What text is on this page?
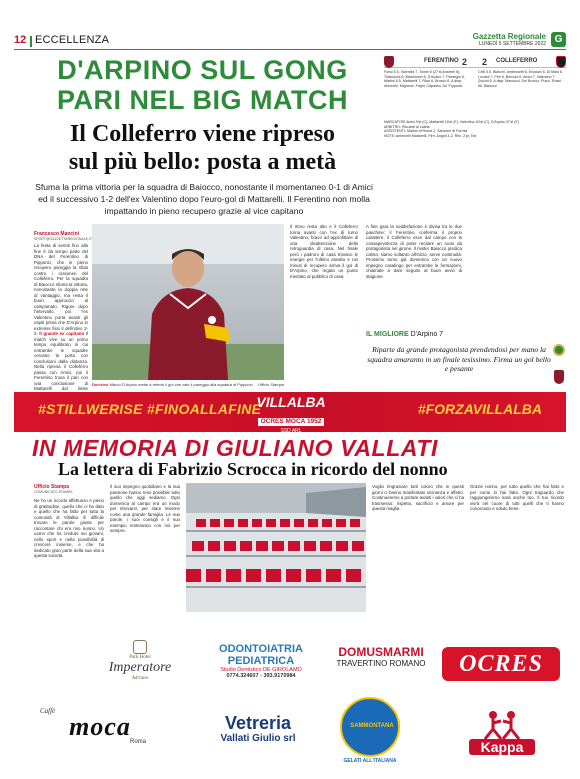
12 ECCELLENZA	Gazzetta Regionale
LUNEDÌ 5 SETTEMBRE 2022 G
D'ARPINO SUL GONG
PARI NEL BIG MATCH
Il Colleferro viene ripreso
sul più bello: posta a metà
Sfuma la prima vittoria per la squadra di Baiocco, nonostante il momentaneo 0-1 di Amici ed il successivo 1-2 dell'ex Valentino dopo l'euro-gol di Mattarelli. Il Ferentino non molla impattando in pieno recupero grazie al vice capitano
FERENTINO 2 2 COLLEFERRO
Fonsi 5.5, Valentini 7, Tomei 6 (27'st Anselmi 6), Tiraboschi 6, Bartolomei 6, D'Arpino 7, Pessegni 6, Martini 6.5, Mattarelli 7, Ricci 6, Brusco 6. A disp: Antonelli, Mignone, Frighi, Capasso. All. Pipponzi
Celli 5.5, Bianchi, Ambrosetti 6, Ercolani 6, Di Maio 6, Luciani 7, Pirri 6, Bernoni 6, Amici 7, Valentino 7, Zocchi 6. A disp: Marcucci, Del Brocco, Pucci, Rossi. All. Baiocco
MARCATORI Amici 9'st (C), Mattarelli 15'st (F), Valentino 40'st (C), D'Arpino 47'st (F)
ARBITRO: Riccardi di Latina
ASSISTENTI: Martini di Roma 2, Sanzone di Formia
NOTE: Ammoniti Mattarelli, Pirri. Angoli 4-2. Rec. 2'pt, 5'st
Francesco Mancini
SPORT@GAZZETTAREGIONALE.IT
La festa di sentiti fino alla fine è da tempo parte del DNA del Ferentino di Pipponzi, che in pieno recupero pareggia la sfida contro i rossoneri del Colleferro. Per la squadra di Baiocco sfuma la vittoria, nonostante la doppia rete di vantaggio, ma resta il buon approccio al campionato. Rigore dopo l'intervallo, poi l'ex Valentino porta avanti gli ospiti prima che D'Arpino in extremis fissi il definitivo 2-2. Il grande ex capitano Il match vive su un primo tempo equilibrato in cui entrambe le squadre cercano la porta con conclusioni dalla distanza. Nella ripresa il Colleferro passa con Amici, poi il Ferentino trova il pari con una conclusione di Mattarelli dal limite
Decisivo Marco D'Arpino mette a referto il gol che vale il pareggio alla squadra di Pipponzi Ufficio Stampa
Il ritmo resta alto e il Colleferro torna avanti con l'ex di turno Valentino, bravo ad approfittare di una disattenzione della retroguardia di casa. Nel finale però i padroni di casa trovano le energie per l'ultimo assalto e nei minuti di recupero arriva il gol di D'Arpino, che regala un punto meritato al pubblico di casa.
A fine gara la soddisfazione è divisa tra le due panchine: il Ferentino conferma il proprio carattere, il Colleferro esce dal campo con la consapevolezza di poter recitare un ruolo da protagonista nel girone. Il mister Baiocco predica calma: siamo soltanto all'inizio, serve continuità. Prossimo turno già domenica con un nuovo impegno casalingo per entrambe le formazioni, chiamate a dare seguito al buon avvio di stagione.
IL MIGLIORE D'Arpino 7
Riparte da grande protagonista prendendosi per mano la squadra amaranto in un finale tesissimo. Firma un gol bello e pesante
#STILLWERISE #FINOALLAFINE
VILLALBA
OCRES MOCA 1952
SSD ARL
#FORZAVILLALBA
IN MEMORIA DI GIULIANO VALLATI
La lettera di Fabrizio Scrocca in ricordo del nonno
Ufficio Stampa
COMUNICATO STAMPA
Ne ho un ricordo affettuoso e pieno di gratitudine, quello che ci ha dato e quello che ha fatto per tutta la comunità di Villalba. È difficile trovare le parole giuste per raccontare chi era mio nonno. Un uomo che ha creduto nei giovani, nello sport e nella possibilità di crescere insieme, e che ha dedicato gran parte della sua vita a questa società.
Il suo impegno quotidiano e la sua passione hanno reso possibile tutto quello che oggi vediamo. Ogni domenica al campo era un modo per ritrovarsi, per stare insieme come una grande famiglia. Le sue parole, i suoi consigli e il suo esempio resteranno con noi per sempre.
Voglio ringraziare tutti coloro che in questi giorni ci hanno manifestato vicinanza e affetto. Continueremo a portare avanti i valori che ci ha trasmesso: rispetto, sacrificio e amore per questa maglia.
Grazie nonno, per tutto quello che hai fatto e per come lo hai fatto. Ogni traguardo che raggiungeremo sarà anche tuo. Il tuo ricordo vivrà nel cuore di tutti quelli che ti hanno conosciuto e voluto bene.
Park Hotel
Imperatore
Adriano
ODONTOIATRIA
PEDIATRICA
Studio Dentistico DE GIROLAMO
0774.324607 - 393.9170984
DOMUSMARMI
TRAVERTINO ROMANO	OCRES
Caffè
moca
Roma
Vetreria
Vallati Giulio srl
SAMMONTANA
GELATI ALL'ITALIANA
Kappa
